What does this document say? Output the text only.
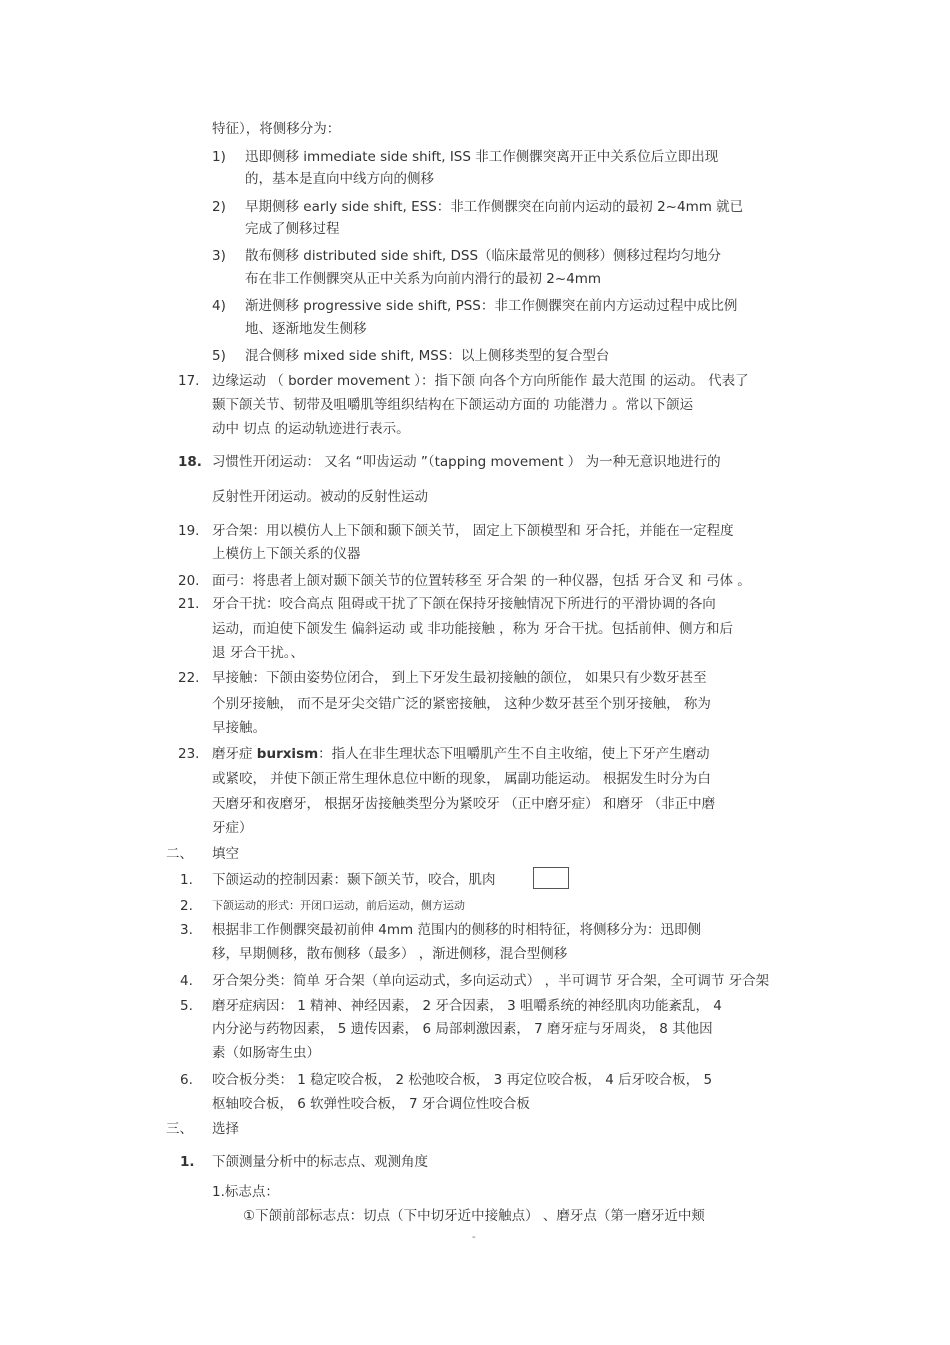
特征），将侧移分为：
1) 迅即侧移 immediate side shift, ISS 非工作侧髁突离开正中关系位后立即出现
的，基本是直向中线方向的侧移
2) 早期侧移 early side shift, ESS：非工作侧髁突在向前内运动的最初 2~4mm 就已
完成了侧移过程
3) 散布侧移 distributed side shift, DSS（临床最常见的侧移）侧移过程均匀地分
布在非工作侧髁突从正中关系为向前内滑行的最初 2~4mm
4) 渐进侧移 progressive side shift, PSS：非工作侧髁突在前内方运动过程中成比例
地、逐渐地发生侧移
5) 混合侧移 mixed side shift, MSS：以上侧移类型的复合型台
17. 边缘运动 （ border movement ）：指下颌 向各个方向所能作 最大范围 的运动。 代表了
颞下颌关节、韧带及咀嚼肌等组织结构在下颌运动方面的 功能潜力 。常以下颌运
动中 切点 的运动轨迹进行表示。
18. 习惯性开闭运动： 又名 “叩齿运动 ”（tapping movement ） 为一种无意识地进行的
反射性开闭运动。被动的反射性运动
19. 牙合架：用以模仿人上下颌和颞下颌关节， 固定上下颌模型和 牙合托，并能在一定程度
上模仿上下颌关系的仪器
20. 面弓：将患者上颌对颞下颌关节的位置转移至 牙合架 的一种仪器，包括 牙合叉 和 弓体 。
21. 牙合干扰：咬合高点 阻碍或干扰了下颌在保持牙接触情况下所进行的平滑协调的各向
运动，而迫使下颌发生 偏斜运动 或 非功能接触 ，称为 牙合干扰。包括前伸、侧方和后
退 牙合干扰。、
22. 早接触：下颌由姿势位闭合， 到上下牙发生最初接触的颌位， 如果只有少数牙甚至
个别牙接触， 而不是牙尖交错广泛的紧密接触， 这种少数牙甚至个别牙接触， 称为
早接触。
23. 磨牙症 burxism：指人在非生理状态下咀嚼肌产生不自主收缩，使上下牙产生磨动
或紧咬， 并使下颌正常生理休息位中断的现象， 属副功能运动。 根据发生时分为白
天磨牙和夜磨牙， 根据牙齿接触类型分为紧咬牙 （正中磨牙症） 和磨牙 （非正中磨
牙症）
二、 填空
1. 下颌运动的控制因素：颞下颌关节，咬合，肌肉
2. 下颌运动的形式：开闭口运动，前后运动，侧方运动
3. 根据非工作侧髁突最初前伸 4mm 范围内的侧移的时相特征，将侧移分为：迅即侧
移，早期侧移，散布侧移（最多） ，渐进侧移，混合型侧移
4. 牙合架分类：简单 牙合架（单向运动式，多向运动式） ，半可调节 牙合架，全可调节 牙合架
5. 磨牙症病因： 1 精神、神经因素， 2 牙合因素， 3 咀嚼系统的神经肌肉功能紊乱， 4
内分泌与药物因素， 5 遗传因素， 6 局部刺激因素， 7 磨牙症与牙周炎， 8 其他因
素（如肠寄生虫）
6. 咬合板分类： 1 稳定咬合板， 2 松弛咬合板， 3 再定位咬合板， 4 后牙咬合板， 5
枢轴咬合板， 6 软弹性咬合板， 7 牙合调位性咬合板
三、 选择
1. 下颌测量分析中的标志点、观测角度
1.标志点：
①下颌前部标志点：切点（下中切牙近中接触点） 、磨牙点（第一磨牙近中颊
-
